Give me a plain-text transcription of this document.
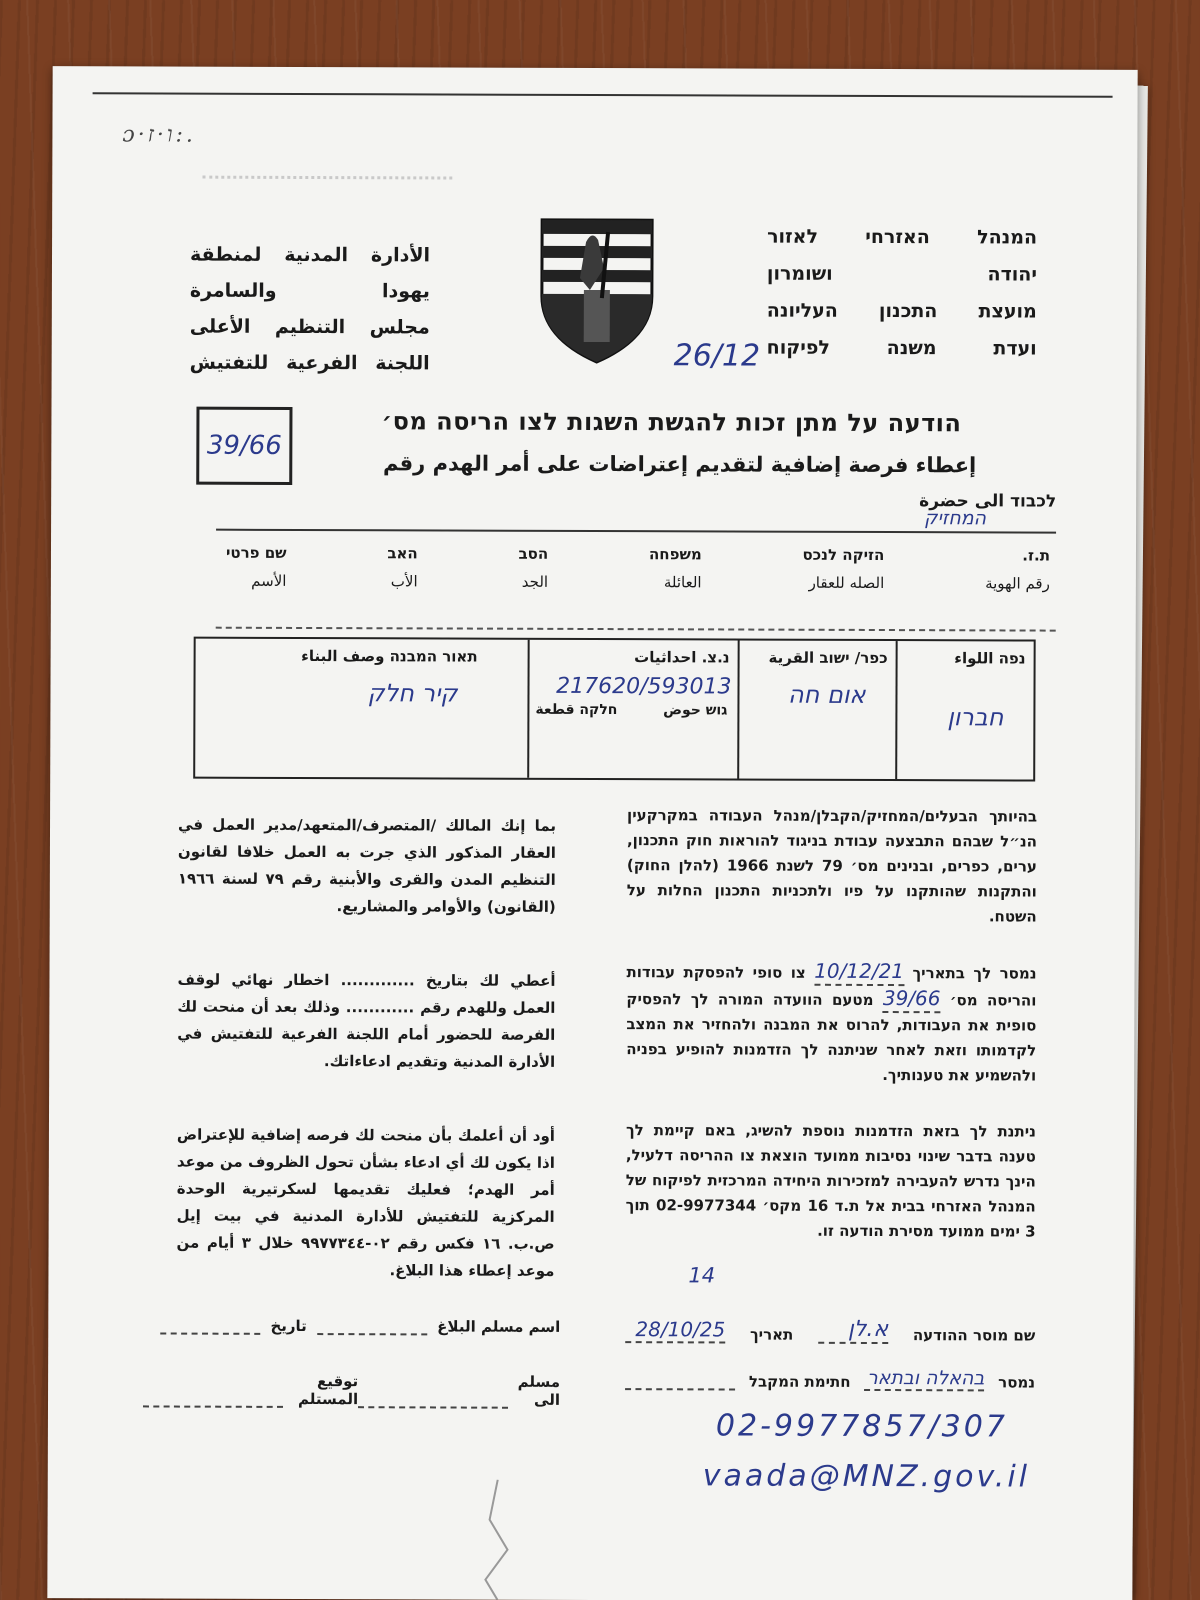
ɔ·ו·ז:.
המנהל האזרחי לאזור
יהודה ושומרון
מועצת התכנון העליונה
ועדת משנה לפיקוח
الأدارة المدنية لمنطقة
يهودا والسامرة
مجلس التنظيم الأعلى
اللجنة الفرعية للتفتيش	26/12
39/66
הודעה על מתן זכות להגשת השגות לצו הריסה מס׳
إعطاء فرصة إضافية لتقديم إعتراضات على أمر الهدم رقم
לכבוד الى حضرة
המחזיק
שם פרטי
الأسم
האב
الأب
הסב
الجد
משפחה
العائلة
הזיקה לנכס
الصله للعقار
ת.ז.
رقم الهوية
נפה اللواء
חברון
כפר/ ישוב القرية
אום חה
נ.צ. احداثيات
217620/593013
גוש حوض
חלקה قطعة
תאור המבנה وصف البناء
קיר חלק
בהיותך הבעלים/המחזיק/הקבלן/מנהל העבודה במקרקעין הנ״ל שבהם התבצעה עבודת בניגוד להוראות חוק התכנון, ערים, כפרים, ובנינים מס׳ 79 לשנת 1966 (להלן החוק) והתקנות שהותקנו על פיו ולתכניות התכנון החלות על השטח.
بما إنك المالك /المتصرف/المتعهد/مدير العمل في العقار المذكور الذي جرت به العمل خلافا لقانون التنظيم المدن والقرى والأبنية رقم ٧٩ لسنة ١٩٦٦ (القانون) والأوامر والمشاريع.
נמסר לך בתאריך 10/12/21 צו סופי להפסקת עבודות והריסה מס׳ 39/66 מטעם הוועדה המורה לך להפסיק סופית את העבודות, להרוס את המבנה ולהחזיר את המצב לקדמותו וזאת לאחר שניתנה לך הזדמנות להופיע בפניה ולהשמיע את טענותיך.
أعطي لك بتاريخ ............. اخطار نهائي لوقف العمل وللهدم رقم ............ وذلك بعد أن منحت لك الفرصة للحضور أمام اللجنة الفرعية للتفتيش في الأدارة المدنية وتقديم ادعاءاتك.
ניתנת לך בזאת הזדמנות נוספת להשיג, באם קיימת לך טענה בדבר שינוי נסיבות ממועד הוצאת צו ההריסה דלעיל, הינך נדרש להעבירה למזכירות היחידה המרכזית לפיקוח של המנהל האזרחי בבית אל ת.ד 16 מקס׳ 02-9977344 תוך 3 ימים ממועד מסירת הודעה זו.
أود أن أعلمك بأن منحت لك فرصه إضافية للإعتراض اذا يكون لك أي ادعاء بشأن تحول الظروف من موعد أمر الهدم؛ فعليك تقديمها لسكرتيرية الوحدة المركزية للتفتيش للأدارة المدنية في بيت إيل ص.ب. ١٦ فكس رقم ٠٢-٩٩٧٧٣٤٤ خلال ٣ أيام من موعد إعطاء هذا البلاغ.	14
שם מוסר ההודעה
א.לן
תאריך
28/10/25
נמסר
בהאלה ובתאר
חתימת המקבל
اسم مسلم البلاغ
تاريخ
مسلم الى
توقيع المستلم
02-9977857/307
vaada@MNZ.gov.il
